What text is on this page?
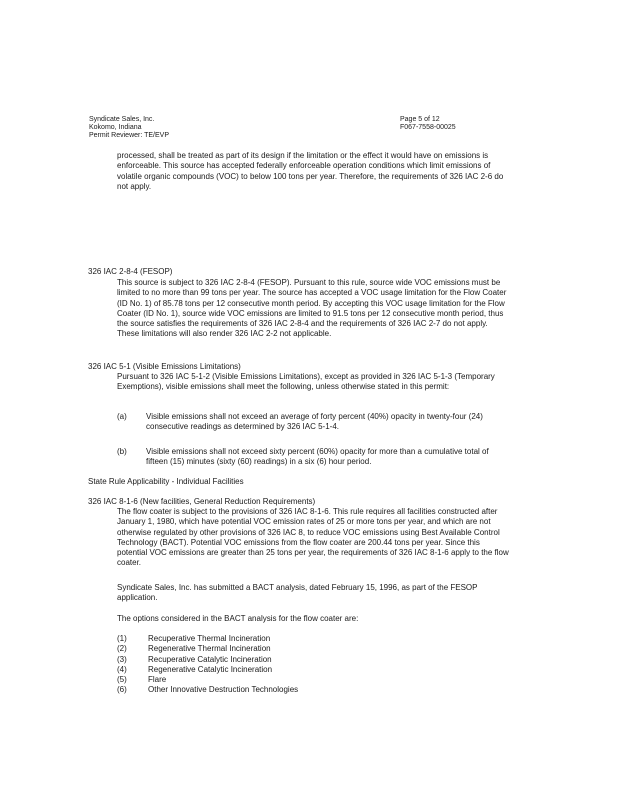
Syndicate Sales, Inc.
Kokomo, Indiana
Permit Reviewer: TE/EVP
Page 5 of 12
F067-7558-00025
processed, shall be treated as part of its design if the limitation or the effect it would have on emissions is enforceable. This source has accepted federally enforceable operation conditions which limit emissions of volatile organic compounds (VOC) to below 100 tons per year. Therefore, the requirements of 326 IAC 2-6 do not apply.
326 IAC 2-8-4 (FESOP)
This source is subject to 326 IAC 2-8-4 (FESOP). Pursuant to this rule, source wide VOC emissions must be limited to no more than 99 tons per year. The source has accepted a VOC usage limitation for the Flow Coater (ID No. 1) of 85.78 tons per 12 consecutive month period. By accepting this VOC usage limitation for the Flow Coater (ID No. 1), source wide VOC emissions are limited to 91.5 tons per 12 consecutive month period, thus the source satisfies the requirements of 326 IAC 2-8-4 and the requirements of 326 IAC 2-7 do not apply. These limitations will also render 326 IAC 2-2 not applicable.
326 IAC 5-1 (Visible Emissions Limitations)
Pursuant to 326 IAC 5-1-2 (Visible Emissions Limitations), except as provided in 326 IAC 5-1-3 (Temporary Exemptions), visible emissions shall meet the following, unless otherwise stated in this permit:
(a) Visible emissions shall not exceed an average of forty percent (40%) opacity in twenty-four (24) consecutive readings as determined by 326 IAC 5-1-4.
(b) Visible emissions shall not exceed sixty percent (60%) opacity for more than a cumulative total of fifteen (15) minutes (sixty (60) readings) in a six (6) hour period.
State Rule Applicability - Individual Facilities
326 IAC 8-1-6 (New facilities, General Reduction Requirements)
The flow coater is subject to the provisions of 326 IAC 8-1-6. This rule requires all facilities constructed after January 1, 1980, which have potential VOC emission rates of 25 or more tons per year, and which are not otherwise regulated by other provisions of 326 IAC 8, to reduce VOC emissions using Best Available Control Technology (BACT). Potential VOC emissions from the flow coater are 200.44 tons per year. Since this potential VOC emissions are greater than 25 tons per year, the requirements of 326 IAC 8-1-6 apply to the flow coater.
Syndicate Sales, Inc. has submitted a BACT analysis, dated February 15, 1996, as part of the FESOP application.
The options considered in the BACT analysis for the flow coater are:
(1)	Recuperative Thermal Incineration
(2)	Regenerative Thermal Incineration
(3)	Recuperative Catalytic Incineration
(4)	Regenerative Catalytic Incineration
(5)	Flare
(6)	Other Innovative Destruction Technologies
